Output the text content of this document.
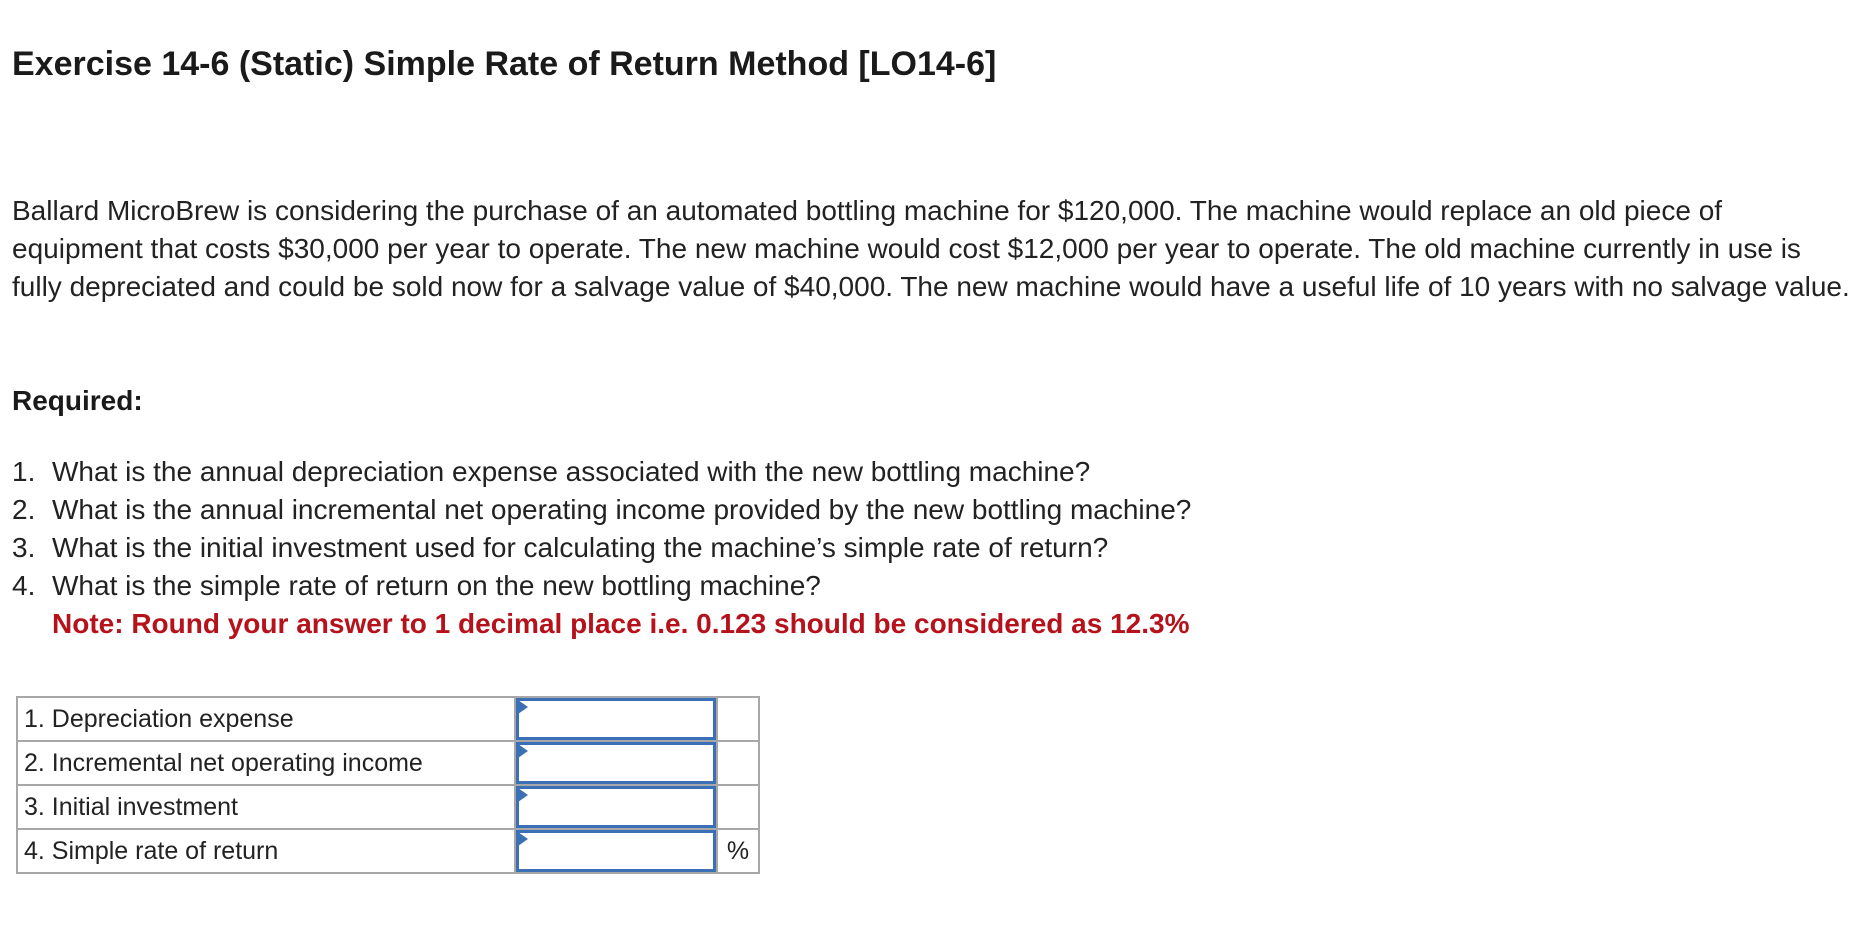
Exercise 14-6 (Static) Simple Rate of Return Method [LO14-6]

Ballard MicroBrew is considering the purchase of an automated bottling machine for $120,000. The machine would replace an old piece of equipment that costs $30,000 per year to operate. The new machine would cost $12,000 per year to operate. The old machine currently in use is fully depreciated and could be sold now for a salvage value of $40,000. The new machine would have a useful life of 10 years with no salvage value.

Required:
1. What is the annual depreciation expense associated with the new bottling machine?
2. What is the annual incremental net operating income provided by the new bottling machine?
3. What is the initial investment used for calculating the machine’s simple rate of return?
4. What is the simple rate of return on the new bottling machine?
Note: Round your answer to 1 decimal place i.e. 0.123 should be considered as 12.3%
1. Depreciation expense	

2. Incremental net operating income	

3. Initial investment	

4. Simple rate of return		%
